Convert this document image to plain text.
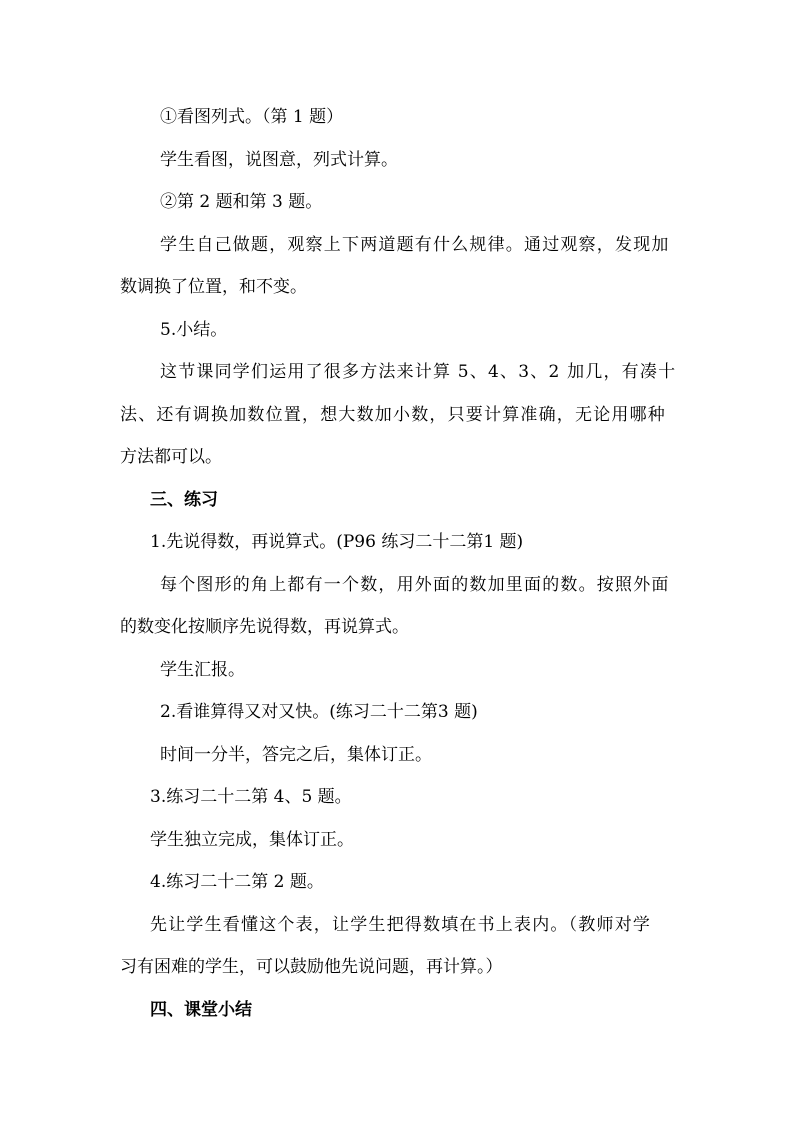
①看图列式。（第 1 题）
学生看图，说图意，列式计算。
②第 2 题和第 3 题。
学生自己做题，观察上下两道题有什么规律。通过观察，发现加
数调换了位置，和不变。
5.小结。
这节课同学们运用了很多方法来计算 5、4、3、2 加几，有凑十
法、还有调换加数位置，想大数加小数，只要计算准确，无论用哪种
方法都可以。
三、练习
1.先说得数，再说算式。(P96 练习二十二第1 题)
每个图形的角上都有一个数，用外面的数加里面的数。按照外面
的数变化按顺序先说得数，再说算式。
学生汇报。
2.看谁算得又对又快。(练习二十二第3 题)
时间一分半，答完之后，集体订正。
3.练习二十二第 4、5 题。
学生独立完成，集体订正。
4.练习二十二第 2 题。
先让学生看懂这个表，让学生把得数填在书上表内。（教师对学
习有困难的学生，可以鼓励他先说问题，再计算。）
四、课堂小结
